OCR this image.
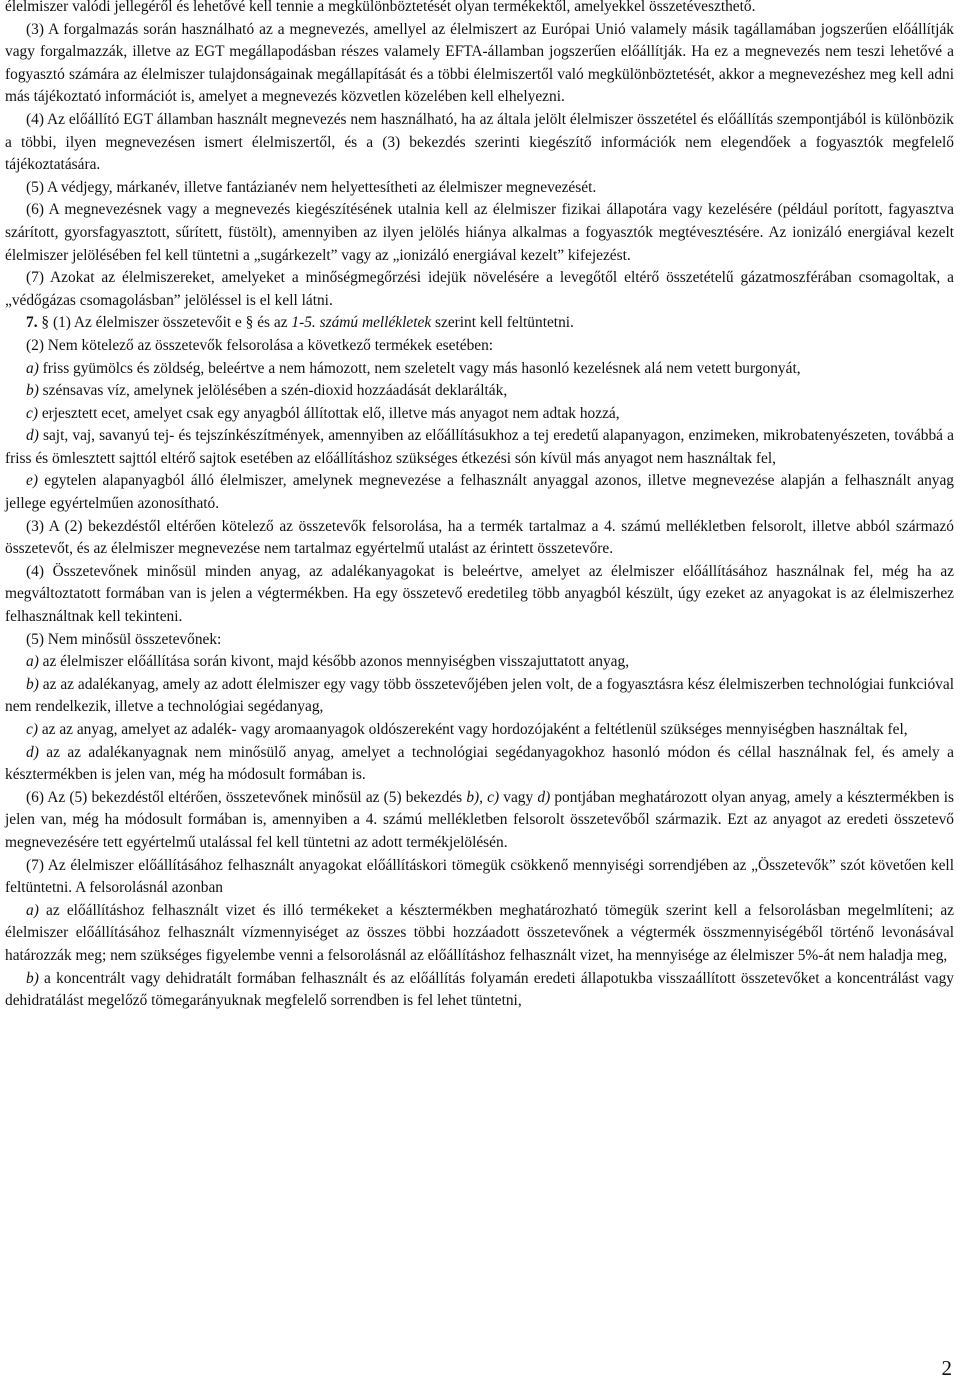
élelmiszer valódi jellegéről és lehetővé kell tennie a megkülönböztetését olyan termékektől, amelyekkel összetéveszthető.

(3) A forgalmazás során használható az a megnevezés, amellyel az élelmiszert az Európai Unió valamely másik tagállamában jogszerűen előállítják vagy forgalmazzák, illetve az EGT megállapodásban részes valamely EFTA-államban jogszerűen előállítják. Ha ez a megnevezés nem teszi lehetővé a fogyasztó számára az élelmiszer tulajdonságainak megállapítását és a többi élelmiszertől való megkülönböztetését, akkor a megnevezéshez meg kell adni más tájékoztató információt is, amelyet a megnevezés közvetlen közelében kell elhelyezni.

(4) Az előállító EGT államban használt megnevezés nem használható, ha az általa jelölt élelmiszer összetétel és előállítás szempontjából is különbözik a többi, ilyen megnevezésen ismert élelmiszertől, és a (3) bekezdés szerinti kiegészítő információk nem elegendőek a fogyasztók megfelelő tájékoztatására.

(5) A védjegy, márkanév, illetve fantázianév nem helyettesítheti az élelmiszer megnevezését.

(6) A megnevezésnek vagy a megnevezés kiegészítésének utalnia kell az élelmiszer fizikai állapotára vagy kezelésére (például porított, fagyasztva szárított, gyorsfagyasztott, sűrített, füstölt), amennyiben az ilyen jelölés hiánya alkalmas a fogyasztók megtévesztésére. Az ionizáló energiával kezelt élelmiszer jelölésében fel kell tüntetni a „sugárkezelt” vagy az „ionizáló energiával kezelt” kifejezést.

(7) Azokat az élelmiszereket, amelyeket a minőségmegőrzési idejük növelésére a levegőtől eltérő összetételű gázatmoszférában csomagoltak, a „védőgázas csomagolásban” jelöléssel is el kell látni.

7. § (1) Az élelmiszer összetevőit e § és az 1-5. számú mellékletek szerint kell feltüntetni.

(2) Nem kötelező az összetevők felsorolása a következő termékek esetében:

a) friss gyümölcs és zöldség, beleértve a nem hámozott, nem szeletelt vagy más hasonló kezelésnek alá nem vetett burgonyát,

b) szénsavas víz, amelynek jelölésében a szén-dioxid hozzáadását deklarálták,

c) erjesztett ecet, amelyet csak egy anyagból állítottak elő, illetve más anyagot nem adtak hozzá,

d) sajt, vaj, savanyú tej- és tejszínkészítmények, amennyiben az előállításukhoz a tej eredetű alapanyagon, enzimeken, mikrobatenyészeten, továbbá a friss és ömlesztett sajttól eltérő sajtok esetében az előállításhoz szükséges étkezési són kívül más anyagot nem használtak fel,

e) egytelen alapanyagból álló élelmiszer, amelynek megnevezése a felhasznált anyaggal azonos, illetve megnevezése alapján a felhasznált anyag jellege egyértelműen azonosítható.

(3) A (2) bekezdéstől eltérően kötelező az összetevők felsorolása, ha a termék tartalmaz a 4. számú mellékletben felsorolt, illetve abból származó összetevőt, és az élelmiszer megnevezése nem tartalmaz egyértelmű utalást az érintett összetevőre.

(4) Összetevőnek minősül minden anyag, az adalékanyagokat is beleértve, amelyet az élelmiszer előállításához használnak fel, még ha az megváltoztatott formában van is jelen a végtermékben. Ha egy összetevő eredetileg több anyagból készült, úgy ezeket az anyagokat is az élelmiszerhez felhasználtnak kell tekinteni.

(5) Nem minősül összetevőnek:

a) az élelmiszer előállítása során kivont, majd később azonos mennyiségben visszajuttatott anyag,

b) az az adalékanyag, amely az adott élelmiszer egy vagy több összetevőjében jelen volt, de a fogyasztásra kész élelmiszerben technológiai funkcióval nem rendelkezik, illetve a technológiai segédanyag,

c) az az anyag, amelyet az adalék- vagy aromaanyagok oldószereként vagy hordozójaként a feltétlenül szükséges mennyiségben használtak fel,

d) az az adalékanyagnak nem minősülő anyag, amelyet a technológiai segédanyagokhoz hasonló módon és céllal használnak fel, és amely a késztermékben is jelen van, még ha módosult formában is.

(6) Az (5) bekezdéstől eltérően, összetevőnek minősül az (5) bekezdés b), c) vagy d) pontjában meghatározott olyan anyag, amely a késztermékben is jelen van, még ha módosult formában is, amennyiben a 4. számú mellékletben felsorolt összetevőből származik. Ezt az anyagot az eredeti összetevő megnevezésére tett egyértelmű utalással fel kell tüntetni az adott termékjelölésén.

(7) Az élelmiszer előállításához felhasznált anyagokat előállításkori tömegük csökkenő mennyiségi sorrendjében az „Összetevők” szót követően kell feltüntetni. A felsorolásnál azonban

a) az előállításhoz felhasznált vizet és illó termékeket a késztermékben meghatározható tömegük szerint kell a felsorolásban megelmlíteni; az élelmiszer előállításához felhasznált vízmennyiséget az összes többi hozzáadott összetevőnek a végtermék összmennyiségéből történő levonásával határozzák meg; nem szükséges figyelembe venni a felsorolásnál az előállításhoz felhasznált vizet, ha mennyisége az élelmiszer 5%-át nem haladja meg,

b) a koncentrált vagy dehidratált formában felhasznált és az előállítás folyamán eredeti állapotukba visszaállított összetevőket a koncentrálást vagy dehidratálást megelőző tömegarányuknak megfelelő sorrendben is fel lehet tüntetni,

2
